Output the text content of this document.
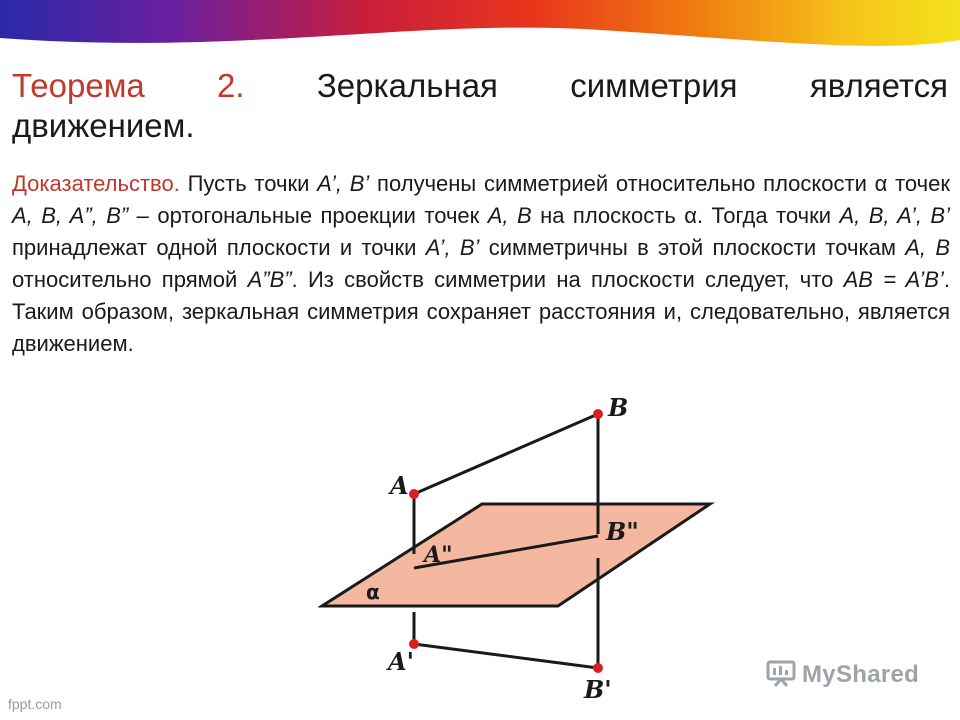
Теорема 2. Зеркальная симметрия является
движением.
Доказательство. Пусть точки A’, B’ получены симметрией относительно плоскости α точек A, B, A”, B” – ортогональные проекции точек A, B на плоскость α. Тогда точки A, B, A’, B’ принадлежат одной плоскости и точки A’, B’ симметричны в этой плоскости точкам A, B относительно прямой A”B”. Из свойств симметрии на плоскости следует, что AB = A’B’. Таким образом, зеркальная симметрия сохраняет расстояния и, следовательно, является движением.
B
A
B"
A"
α
A'
B'
MyShared
fppt.com
